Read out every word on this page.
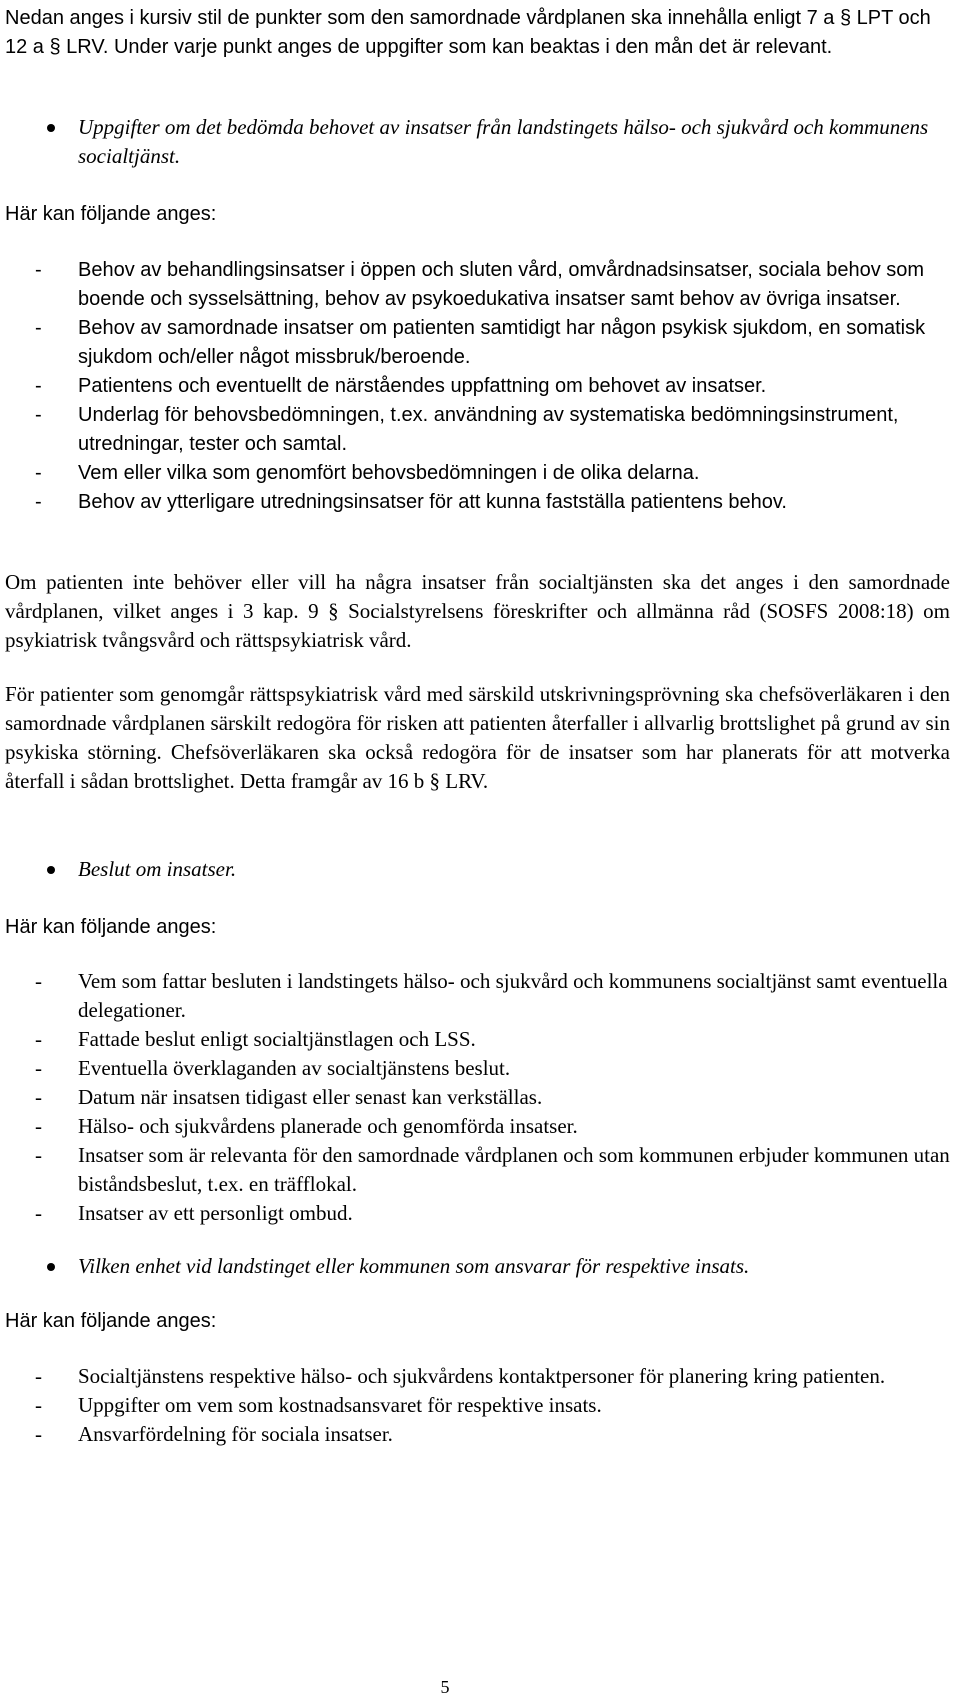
Nedan anges i kursiv stil de punkter som den samordnade vårdplanen ska innehålla enligt 7 a § LPT och 12 a § LRV. Under varje punkt anges de uppgifter som kan beaktas i den mån det är relevant.
Uppgifter om det bedömda behovet av insatser från landstingets hälso- och sjukvård och kommunens socialtjänst.
Här kan följande anges:
- Behov av behandlingsinsatser i öppen och sluten vård, omvårdnadsinsatser, sociala behov som boende och sysselsättning, behov av psykoedukativa insatser samt behov av övriga insatser.
- Behov av samordnade insatser om patienten samtidigt har någon psykisk sjukdom, en somatisk sjukdom och/eller något missbruk/beroende.
- Patientens och eventuellt de närståendes uppfattning om behovet av insatser.
- Underlag för behovsbedömningen, t.ex. användning av systematiska bedömningsinstrument, utredningar, tester och samtal.
- Vem eller vilka som genomfört behovsbedömningen i de olika delarna.
- Behov av ytterligare utredningsinsatser för att kunna fastställa patientens behov.
Om patienten inte behöver eller vill ha några insatser från socialtjänsten ska det anges i den samordnade vårdplanen, vilket anges i 3 kap. 9 § Socialstyrelsens föreskrifter och allmänna råd (SOSFS 2008:18) om psykiatrisk tvångsvård och rättspsykiatrisk vård.
För patienter som genomgår rättspsykiatrisk vård med särskild utskrivningsprövning ska chefsöverläkaren i den samordnade vårdplanen särskilt redogöra för risken att patienten återfaller i allvarlig brottslighet på grund av sin psykiska störning. Chefsöverläkaren ska också redogöra för de insatser som har planerats för att motverka återfall i sådan brottslighet. Detta framgår av 16 b § LRV.
Beslut om insatser.
Här kan följande anges:
- Vem som fattar besluten i landstingets hälso- och sjukvård och kommunens socialtjänst samt eventuella delegationer.
- Fattade beslut enligt socialtjänstlagen och LSS.
- Eventuella överklaganden av socialtjänstens beslut.
- Datum när insatsen tidigast eller senast kan verkställas.
- Hälso- och sjukvårdens planerade och genomförda insatser.
- Insatser som är relevanta för den samordnade vårdplanen och som kommunen erbjuder kommunen utan biståndsbeslut, t.ex. en träfflokal.
- Insatser av ett personligt ombud.
Vilken enhet vid landstinget eller kommunen som ansvarar för respektive insats.
Här kan följande anges:
- Socialtjänstens respektive hälso- och sjukvårdens kontaktpersoner för planering kring patienten.
- Uppgifter om vem som kostnadsansvaret för respektive insats.
- Ansvarfördelning för sociala insatser.
5
